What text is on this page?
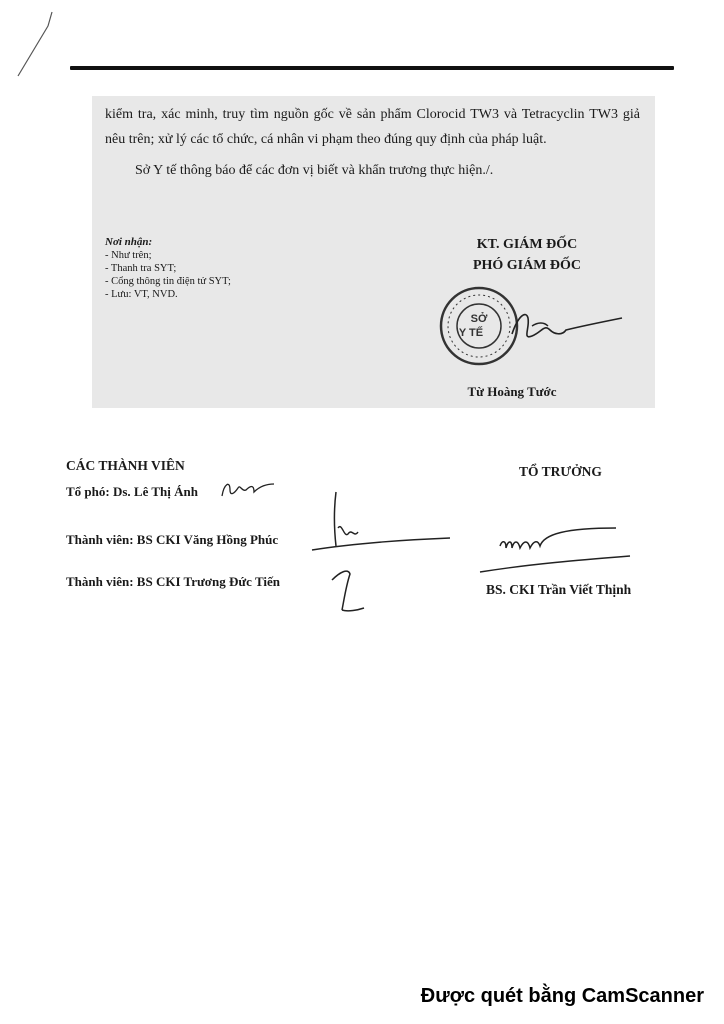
kiểm tra, xác minh, truy tìm nguồn gốc về sản phẩm Clorocid TW3 và Tetracyclin TW3 giả nêu trên; xử lý các tổ chức, cá nhân vi phạm theo đúng quy định của pháp luật.

Sở Y tế thông báo để các đơn vị biết và khẩn trương thực hiện./.

Nơi nhận:
- Như trên;
- Thanh tra SYT;
- Cổng thông tin điện tử SYT;
- Lưu: VT, NVD.
KT. GIÁM ĐỐC
PHÓ GIÁM ĐỐC
SỞ
Y TẾ
Từ Hoàng Tước
CÁC THÀNH VIÊN	TỔ TRƯỞNG
Tổ phó: Ds. Lê Thị Ánh
Thành viên: BS CKI Văng Hồng Phúc
Thành viên: BS CKI Trương Đức Tiến
BS. CKI Trần Viết Thịnh
Được quét bằng CamScanner
